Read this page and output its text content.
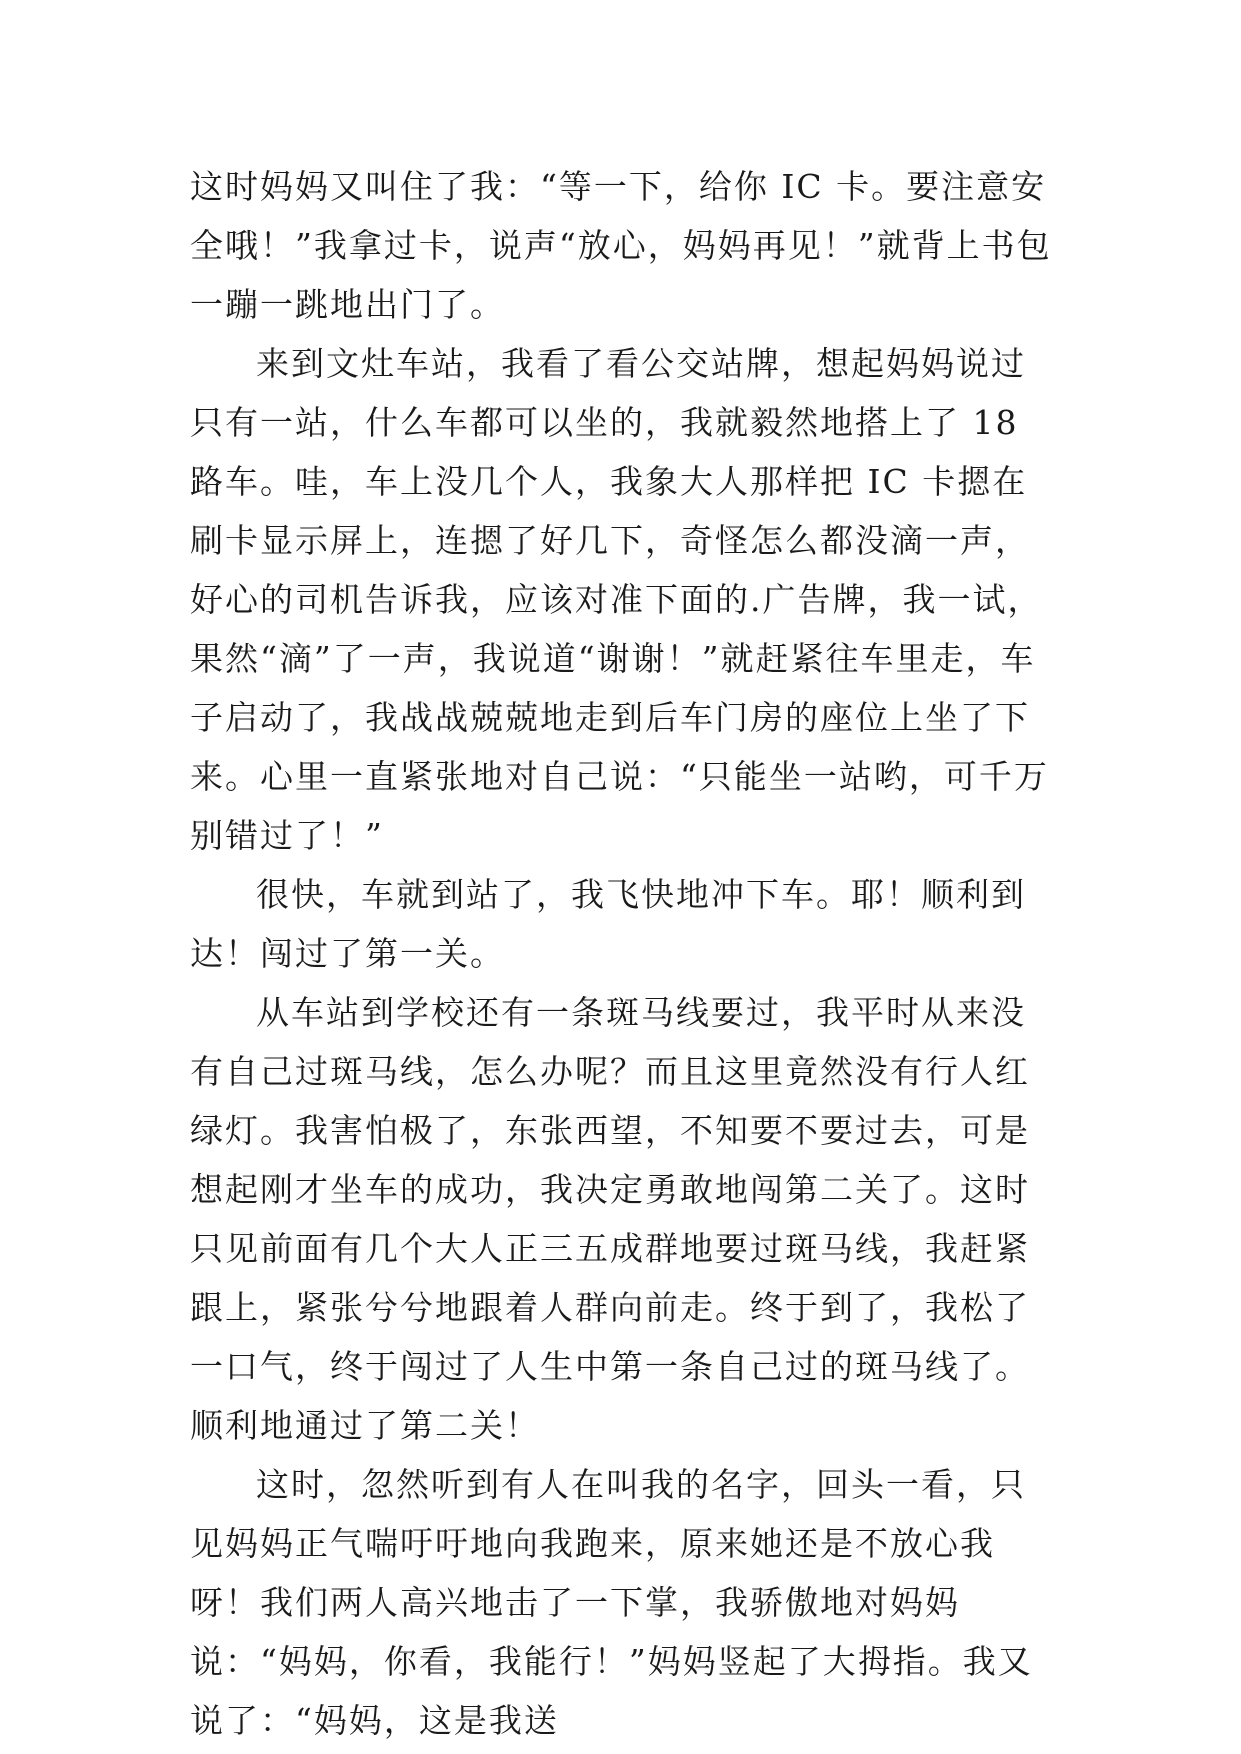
这时妈妈又叫住了我：“等一下，给你 IC 卡。要注意安全哦！”我拿过卡，说声“放心，妈妈再见！”就背上书包一蹦一跳地出门了。

来到文灶车站，我看了看公交站牌，想起妈妈说过只有一站，什么车都可以坐的，我就毅然地搭上了 18 路车。哇，车上没几个人，我象大人那样把 IC 卡摁在刷卡显示屏上，连摁了好几下，奇怪怎么都没滴一声，好心的司机告诉我，应该对准下面的.广告牌，我一试，果然“滴”了一声，我说道“谢谢！”就赶紧往车里走，车子启动了，我战战兢兢地走到后车门房的座位上坐了下来。心里一直紧张地对自己说：“只能坐一站哟，可千万别错过了！”

很快，车就到站了，我飞快地冲下车。耶！顺利到达！闯过了第一关。

从车站到学校还有一条斑马线要过，我平时从来没有自己过斑马线，怎么办呢？而且这里竟然没有行人红绿灯。我害怕极了，东张西望，不知要不要过去，可是想起刚才坐车的成功，我决定勇敢地闯第二关了。这时只见前面有几个大人正三五成群地要过斑马线，我赶紧跟上，紧张兮兮地跟着人群向前走。终于到了，我松了一口气，终于闯过了人生中第一条自己过的斑马线了。顺利地通过了第二关！

这时，忽然听到有人在叫我的名字，回头一看，只见妈妈正气喘吁吁地向我跑来，原来她还是不放心我呀！我们两人高兴地击了一下掌，我骄傲地对妈妈说：“妈妈，你看，我能行！”妈妈竖起了大拇指。我又说了：“妈妈，这是我送
